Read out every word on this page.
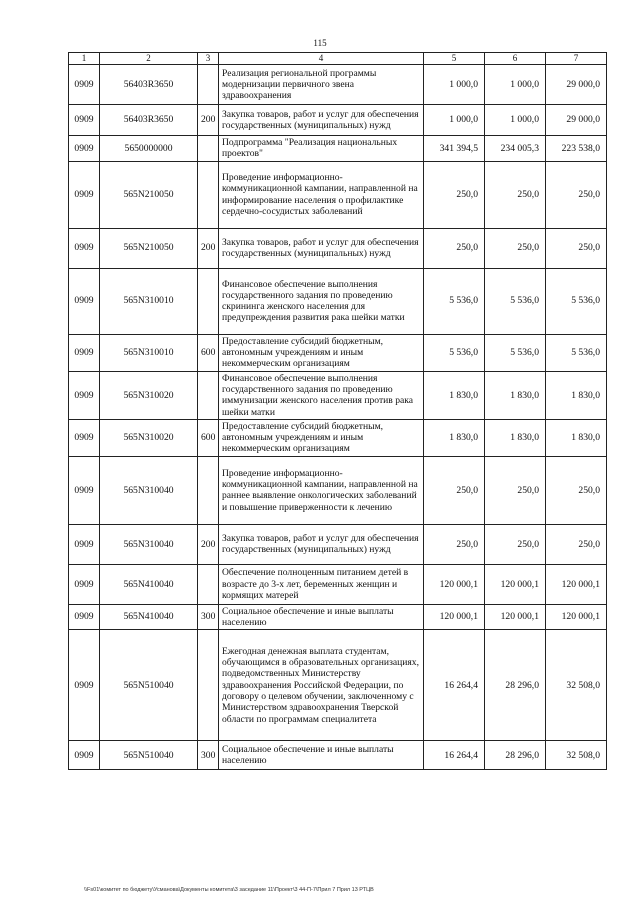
115
1	2	3	4	5	6	7
0909	56403R3650		Реализация региональной программы модернизации первичного звена здравоохранения	1 000,0	1 000,0	29 000,0
0909	56403R3650	200	Закупка товаров, работ и услуг для обеспечения государственных (муниципальных) нужд	1 000,0	1 000,0	29 000,0
0909	5650000000		Подпрограмма "Реализация национальных проектов"	341 394,5	234 005,3	223 538,0
0909	565N210050		Проведение информационно-коммуникационной кампании, направленной на информирование населения о профилактике сердечно-сосудистых заболеваний	250,0	250,0	250,0
0909	565N210050	200	Закупка товаров, работ и услуг для обеспечения государственных (муниципальных) нужд	250,0	250,0	250,0
0909	565N310010		Финансовое обеспечение выполнения государственного задания по проведению скрининга женского населения для предупреждения развития рака шейки матки	5 536,0	5 536,0	5 536,0
0909	565N310010	600	Предоставление субсидий бюджетным, автономным учреждениям и иным некоммерческим организациям	5 536,0	5 536,0	5 536,0
0909	565N310020		Финансовое обеспечение выполнения государственного задания по проведению иммунизации женского населения против рака шейки матки	1 830,0	1 830,0	1 830,0
0909	565N310020	600	Предоставление субсидий бюджетным, автономным учреждениям и иным некоммерческим организациям	1 830,0	1 830,0	1 830,0
0909	565N310040		Проведение информационно-коммуникационной кампании, направленной на раннее выявление онкологических заболеваний и повышение приверженности к лечению	250,0	250,0	250,0
0909	565N310040	200	Закупка товаров, работ и услуг для обеспечения государственных (муниципальных) нужд	250,0	250,0	250,0
0909	565N410040		Обеспечение полноценным питанием детей в возрасте до 3-х лет, беременных женщин и кормящих матерей	120 000,1	120 000,1	120 000,1
0909	565N410040	300	Социальное обеспечение и иные выплаты населению	120 000,1	120 000,1	120 000,1
0909	565N510040		Ежегодная денежная выплата студентам, обучающимся в образовательных организациях, подведомственных Министерству здравоохранения Российской Федерации, по договору о целевом обучении, заключенному с Министерством здравоохранения Тверской области по программам специалитета	16 264,4	28 296,0	32 508,0
0909	565N510040	300	Социальное обеспечение и иные выплаты населению	16 264,4	28 296,0	32 508,0
\\Fs01\комитет по бюджету\Усманова\Документы комитета\3 заседание 11\Проект\3 44-П-7\Прил 7 Прил 13 РТЦВ
